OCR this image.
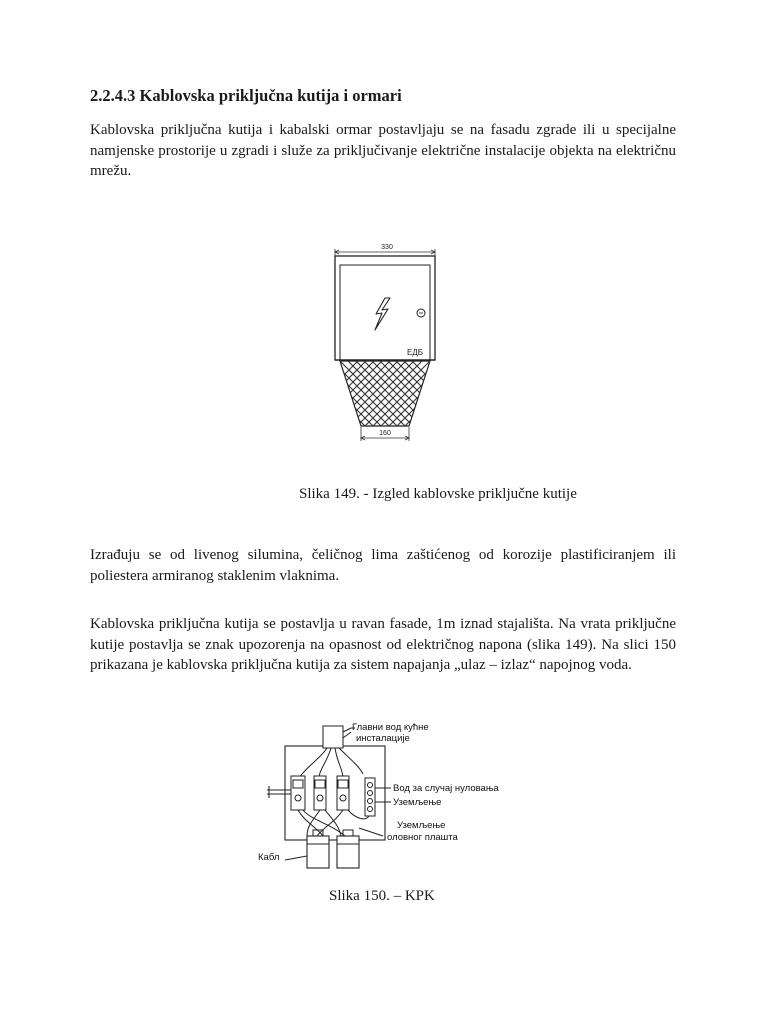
2.2.4.3 Kablovska priključna kutija i ormari

Kablovska priključna kutija i kabalski ormar postavljaju se na fasadu zgrade ili u specijalne namjenske prostorije u zgradi i služe za priključivanje električne instalacije objekta na električnu mrežu.

330
ЕДБ
160
Slika 149. - Izgled kablovske priključne kutije

Izrađuju se od livenog silumina, čeličnog lima zaštićenog od korozije plastificiranjem ili poliestera armiranog staklenim vlaknima.

Kablovska priključna kutija se postavlja u ravan fasade, 1m iznad stajališta. Na vrata priključne kutije postavlja se znak upozorenja na opasnost od električnog napona (slika 149). Na slici 150 prikazana je kablovska priključna kutija za sistem napajanja „ulaz – izlaz“ napojnog voda.

Главни вод кућне
инсталације
Вод за случај нуловања
Уземљење
Уземљење
оловног плашта
Кабл
Slika 150. – KPK
